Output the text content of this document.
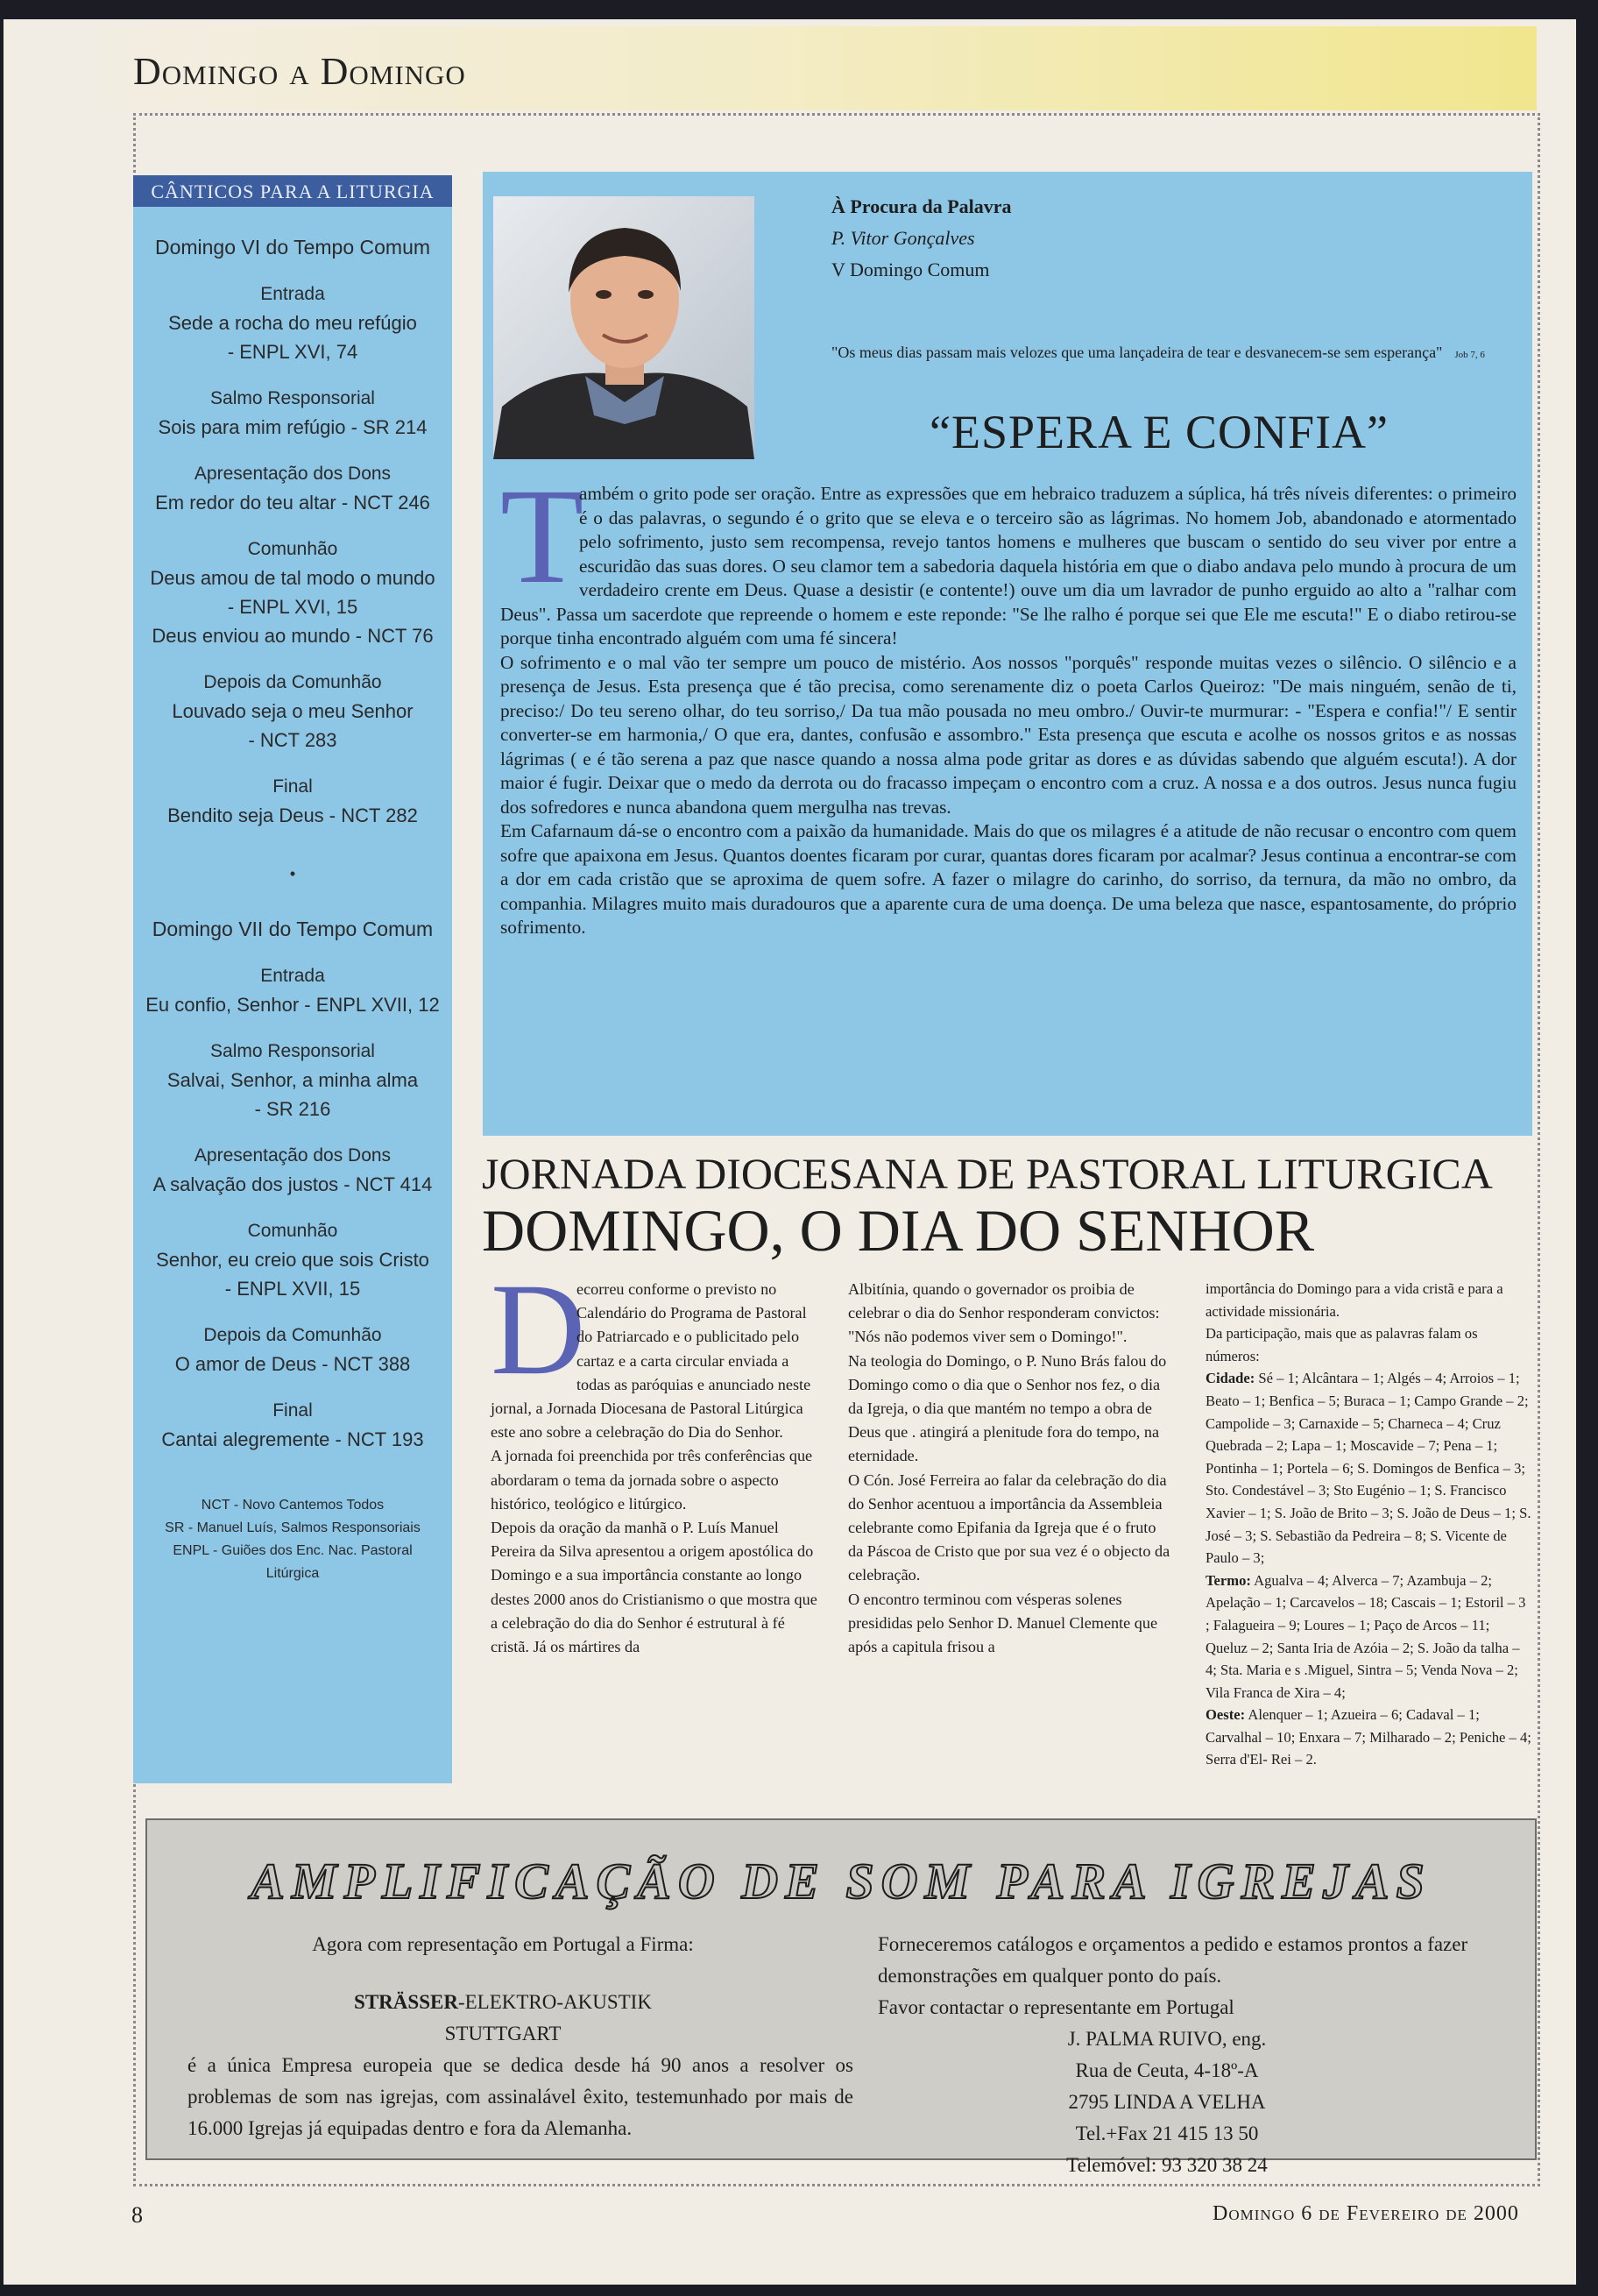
Domingo a Domingo
CÂNTICOS PARA A LITURGIA
Domingo VI do Tempo Comum
Entrada
Sede a rocha do meu refúgio
- ENPL XVI, 74
Salmo Responsorial
Sois para mim refúgio - SR 214
Apresentação dos Dons
Em redor do teu altar - NCT 246
Comunhão
Deus amou de tal modo o mundo
- ENPL XVI, 15
Deus enviou ao mundo - NCT 76
Depois da Comunhão
Louvado seja o meu Senhor
- NCT 283
Final
Bendito seja Deus - NCT 282
•
Domingo VII do Tempo Comum
Entrada
Eu confio, Senhor - ENPL XVII, 12
Salmo Responsorial
Salvai, Senhor, a minha alma
- SR 216
Apresentação dos Dons
A salvação dos justos - NCT 414
Comunhão
Senhor, eu creio que sois Cristo
- ENPL XVII, 15
Depois da Comunhão
O amor de Deus - NCT 388
Final
Cantai alegremente - NCT 193
NCT - Novo Cantemos Todos
SR - Manuel Luís, Salmos Responsoriais
ENPL - Guiões dos Enc. Nac. Pastoral
Litúrgica
À Procura da Palavra
P. Vitor Gonçalves
V Domingo Comum
"Os meus dias passam mais velozes que uma lançadeira de tear e desvanecem-se sem esperança" Job 7, 6
“ESPERA E CONFIA”

T
ambém o grito pode ser oração. Entre as expressões que em hebraico traduzem a súplica, há três níveis diferentes: o primeiro é o das palavras, o segundo é o grito que se eleva e o terceiro são as lágrimas. No homem Job, abandonado e atormentado pelo sofrimento, justo sem recompensa, revejo tantos homens e mulheres que buscam o sentido do seu viver por entre a escuridão das suas dores. O seu clamor tem a sabedoria daquela história em que o diabo andava pelo mundo à procura de um verdadeiro crente em Deus. Quase a desistir (e contente!) ouve um dia um lavrador de punho erguido ao alto a "ralhar com Deus". Passa um sacerdote que repreende o homem e este reponde: "Se lhe ralho é porque sei que Ele me escuta!" E o diabo retirou-se porque tinha encontrado alguém com uma fé sincera!

O sofrimento e o mal vão ter sempre um pouco de mistério. Aos nossos "porquês" responde muitas vezes o silêncio. O silêncio e a presença de Jesus. Esta presença que é tão precisa, como serenamente diz o poeta Carlos Queiroz: "De mais ninguém, senão de ti, preciso:/ Do teu sereno olhar, do teu sorriso,/ Da tua mão pousada no meu ombro./ Ouvir-te murmurar: - "Espera e confia!"/ E sentir converter-se em harmonia,/ O que era, dantes, confusão e assombro." Esta presença que escuta e acolhe os nossos gritos e as nossas lágrimas ( e é tão serena a paz que nasce quando a nossa alma pode gritar as dores e as dúvidas sabendo que alguém escuta!). A dor maior é fugir. Deixar que o medo da derrota ou do fracasso impeçam o encontro com a cruz. A nossa e a dos outros. Jesus nunca fugiu dos sofredores e nunca abandona quem mergulha nas trevas.

Em Cafarnaum dá-se o encontro com a paixão da humanidade. Mais do que os milagres é a atitude de não recusar o encontro com quem sofre que apaixona em Jesus. Quantos doentes ficaram por curar, quantas dores ficaram por acalmar? Jesus continua a encontrar-se com a dor em cada cristão que se aproxima de quem sofre. A fazer o milagre do carinho, do sorriso, da ternura, da mão no ombro, da companhia. Milagres muito mais duradouros que a aparente cura de uma doença. De uma beleza que nasce, espantosamente, do próprio sofrimento.

JORNADA DIOCESANA DE PASTORAL LITURGICA
DOMINGO, O DIA DO SENHOR

D
ecorreu conforme o previsto no Calendário do Programa de Pastoral do Patriarcado e o publicitado pelo cartaz e a carta circular enviada a todas as paróquias e anunciado neste jornal, a Jornada Diocesana de Pastoral Litúrgica este ano sobre a celebração do Dia do Senhor.

A jornada foi preenchida por três conferências que abordaram o tema da jornada sobre o aspecto histórico, teológico e litúrgico.

Depois da oração da manhã o P. Luís Manuel Pereira da Silva apresentou a origem apostólica do Domingo e a sua importância constante ao longo destes 2000 anos do Cristianismo o que mostra que a celebração do dia do Senhor é estrutural à fé cristã. Já os mártires da

Albitínia, quando o governador os proibia de celebrar o dia do Senhor responderam convictos: "Nós não podemos viver sem o Domingo!".

Na teologia do Domingo, o P. Nuno Brás falou do Domingo como o dia que o Senhor nos fez, o dia da Igreja, o dia que mantém no tempo a obra de Deus que . atingirá a plenitude fora do tempo, na eternidade.

O Cón. José Ferreira ao falar da celebração do dia do Senhor acentuou a importância da Assembleia celebrante como Epifania da Igreja que é o fruto da Páscoa de Cristo que por sua vez é o objecto da celebração.

O encontro terminou com vésperas solenes presididas pelo Senhor D. Manuel Clemente que após a capitula frisou a

importância do Domingo para a vida cristã e para a actividade missionária.

Da participação, mais que as palavras falam os números:

Cidade: Sé – 1; Alcântara – 1; Algés – 4; Arroios – 1; Beato – 1; Benfica – 5; Buraca – 1; Campo Grande – 2; Campolide – 3; Carnaxide – 5; Charneca – 4; Cruz Quebrada – 2; Lapa – 1; Moscavide – 7; Pena – 1; Pontinha – 1; Portela – 6; S. Domingos de Benfica – 3; Sto. Condestável – 3; Sto Eugénio – 1; S. Francisco Xavier – 1; S. João de Brito – 3; S. João de Deus – 1; S. José – 3; S. Sebastião da Pedreira – 8; S. Vicente de Paulo – 3;

Termo: Agualva – 4; Alverca – 7; Azambuja – 2; Apelação – 1; Carcavelos – 18; Cascais – 1; Estoril – 3 ; Falagueira – 9; Loures – 1; Paço de Arcos – 11; Queluz – 2; Santa Iria de Azóia – 2; S. João da talha – 4; Sta. Maria e s .Miguel, Sintra – 5; Venda Nova – 2; Vila Franca de Xira – 4;

Oeste: Alenquer – 1; Azueira – 6; Cadaval – 1; Carvalhal – 10; Enxara – 7; Milharado – 2; Peniche – 4; Serra d'El- Rei – 2.

AMPLIFICAÇÃO DE SOM PARA IGREJAS
Agora com representação em Portugal a Firma:
STRÄSSER-ELEKTRO-AKUSTIK
STUTTGART
é a única Empresa europeia que se dedica desde há 90 anos a resolver os problemas de som nas igrejas, com assinalável êxito, testemunhado por mais de 16.000 Igrejas já equipadas dentro e fora da Alemanha.
Forneceremos catálogos e orçamentos a pedido e estamos prontos a fazer demonstrações em qualquer ponto do país.
Favor contactar o representante em Portugal
J. PALMA RUIVO, eng.
Rua de Ceuta, 4-18º-A
2795 LINDA A VELHA
Tel.+Fax 21 415 13 50
Telemóvel: 93 320 38 24
8	Domingo 6 de Fevereiro de 2000
